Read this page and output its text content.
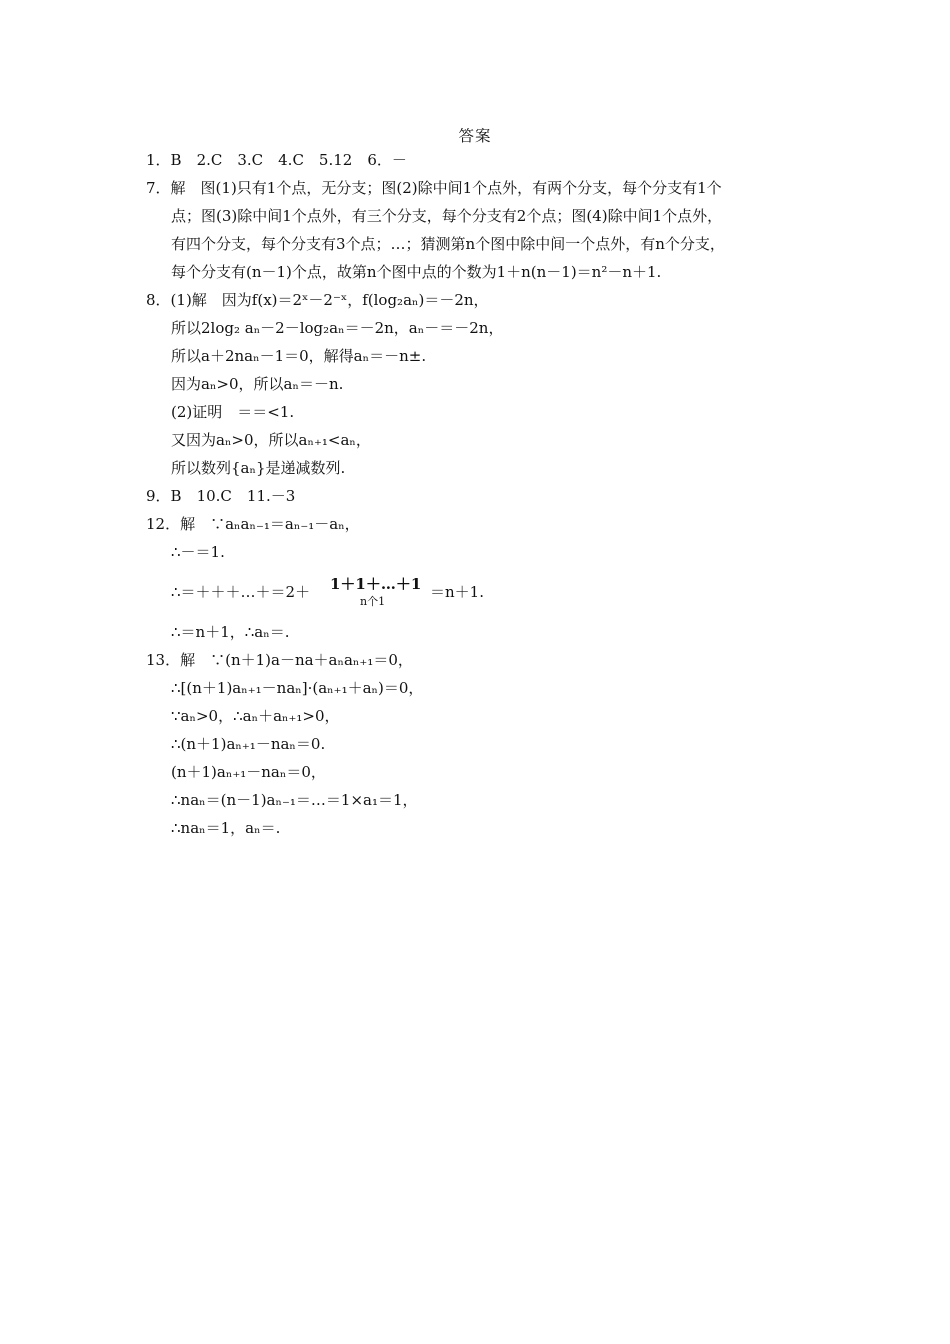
答案
1．B　2.C　3.C　4.C　5.12　6．－
7．解　图(1)只有1个点，无分支；图(2)除中间1个点外，有两个分支，每个分支有1个
点；图(3)除中间1个点外，有三个分支，每个分支有2个点；图(4)除中间1个点外，
有四个分支，每个分支有3个点；…；猜测第n个图中除中间一个点外，有n个分支，
每个分支有(n－1)个点，故第n个图中点的个数为1＋n(n－1)＝n²－n＋1.
8．(1)解　因为f(x)＝2ˣ－2⁻ˣ，f(log₂aₙ)＝－2n，
所以2log₂ aₙ－2－log₂aₙ＝－2n，aₙ－＝－2n，
所以a＋2naₙ－1＝0，解得aₙ＝－n±.
因为aₙ>0，所以aₙ＝－n.
(2)证明　＝＝<1.
又因为aₙ>0，所以aₙ₊₁<aₙ，
所以数列{aₙ}是递减数列.
9．B　10.C　11.－3
12．解　∵aₙaₙ₋₁＝aₙ₋₁－aₙ，
∴－＝1.
∴＝＋＋＋…＋＝2＋ 1＋1＋…＋1
n个1
＝n＋1.
∴＝n＋1，∴aₙ＝.
13．解　∵(n＋1)a－na＋aₙaₙ₊₁＝0，
∴[(n＋1)aₙ₊₁－naₙ]·(aₙ₊₁＋aₙ)＝0，
∵aₙ>0，∴aₙ＋aₙ₊₁>0，
∴(n＋1)aₙ₊₁－naₙ＝0.
(n＋1)aₙ₊₁－naₙ＝0，
∴naₙ＝(n－1)aₙ₋₁＝…＝1×a₁＝1，
∴naₙ＝1，aₙ＝.
